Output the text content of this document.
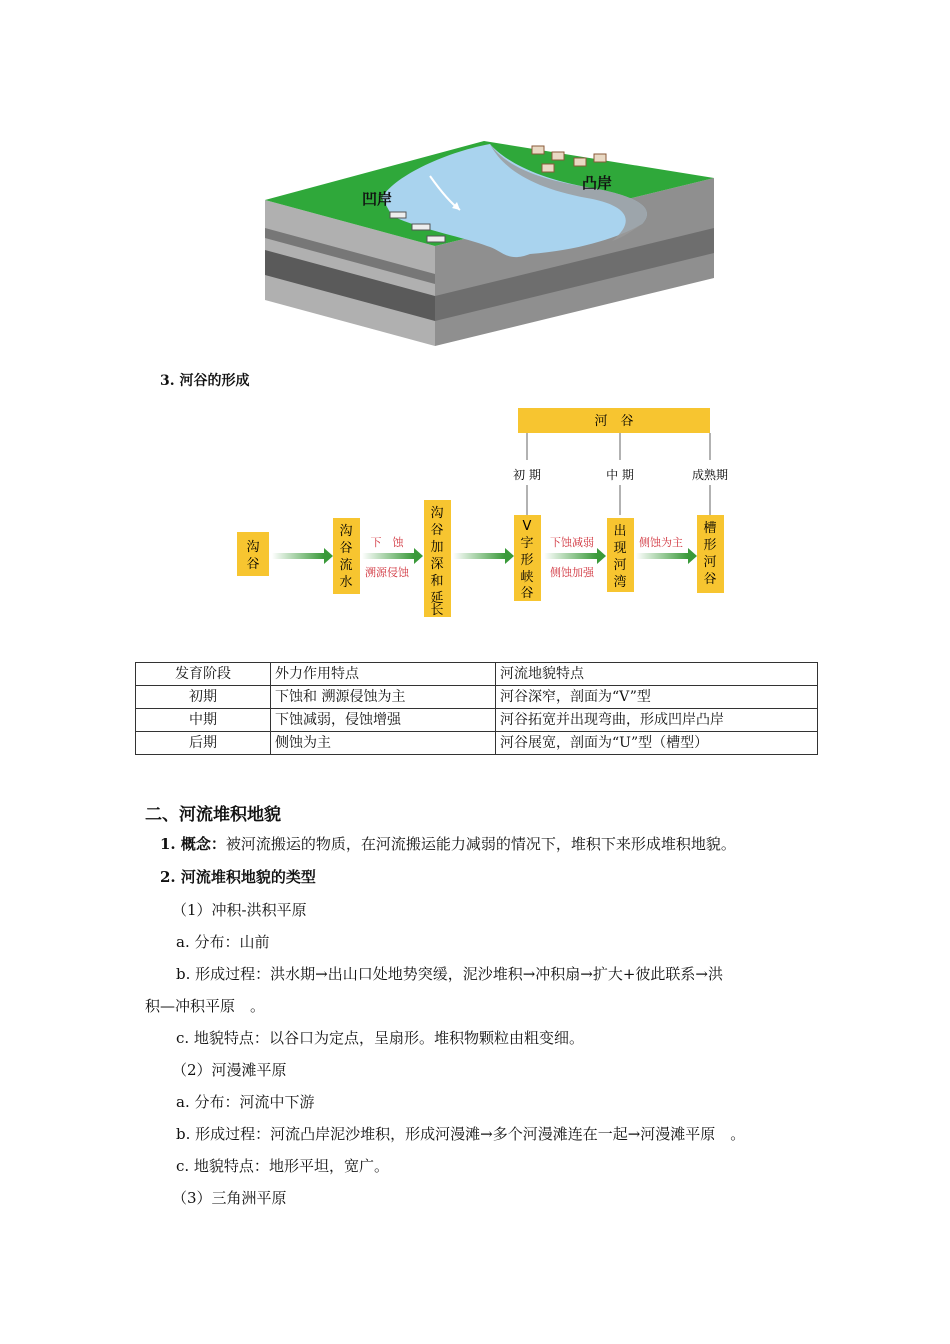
凹岸
凸岸
3. 河谷的形成
河　谷
初 期	中 期	成熟期
沟
谷
沟
谷
流
水
沟
谷
加
深
和
延
长
V
字
形
峡
谷
出
现
河
湾
槽
形
河
谷
下　蚀
溯源侵蚀
下蚀减弱
侧蚀加强
侧蚀为主
发育阶段	外力作用特点	河流地貌特点
初期	下蚀和 溯源侵蚀为主	河谷深窄，剖面为“V”型
中期	下蚀减弱，侵蚀增强	河谷拓宽并出现弯曲，形成凹岸凸岸
后期	侧蚀为主	河谷展宽，剖面为“U”型（槽型）
二、河流堆积地貌
1. 概念：被河流搬运的物质，在河流搬运能力减弱的情况下，堆积下来形成堆积地貌。
2. 河流堆积地貌的类型
（1）冲积-洪积平原
a. 分布：山前
b. 形成过程：洪水期→出山口处地势突缓，泥沙堆积→冲积扇→扩大+彼此联系→洪
积—冲积平原　。
c. 地貌特点：以谷口为定点，呈扇形。堆积物颗粒由粗变细。
（2）河漫滩平原
a. 分布：河流中下游
b. 形成过程：河流凸岸泥沙堆积，形成河漫滩→多个河漫滩连在一起→河漫滩平原　。
c. 地貌特点：地形平坦，宽广。
（3）三角洲平原
